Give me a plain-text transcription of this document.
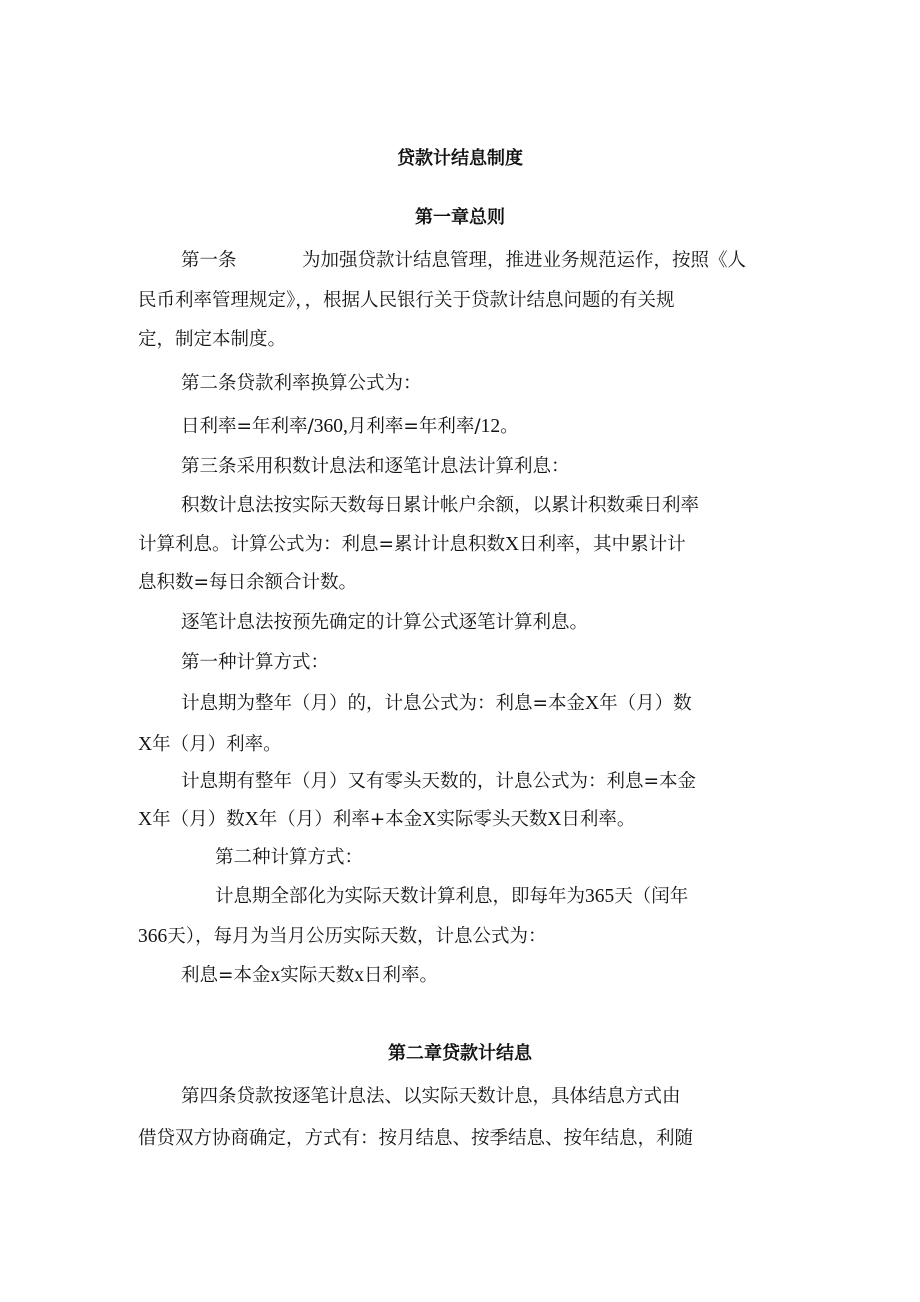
贷款计结息制度
第一章总则
第一条	为加强贷款计结息管理，推进业务规范运作，按照《人
民币利率管理规定》，，根据人民银行关于贷款计结息问题的有关规
定，制定本制度。
第二条贷款利率换算公式为：
日利率=年利率/360,月利率=年利率/12。
第三条采用积数计息法和逐笔计息法计算利息：
积数计息法按实际天数每日累计帐户余额，以累计积数乘日利率
计算利息。计算公式为：利息=累计计息积数X日利率，其中累计计
息积数=每日余额合计数。
逐笔计息法按预先确定的计算公式逐笔计算利息。
第一种计算方式：
计息期为整年（月）的，计息公式为：利息=本金X年（月）数
X年（月）利率。
计息期有整年（月）又有零头天数的，计息公式为：利息=本金
X年（月）数X年（月）利率+本金X实际零头天数X日利率。
第二种计算方式：
计息期全部化为实际天数计算利息，即每年为365天（闰年
366天），每月为当月公历实际天数，计息公式为：
利息=本金x实际天数x日利率。
第二章贷款计结息
第四条贷款按逐笔计息法、以实际天数计息，具体结息方式由
借贷双方协商确定，方式有：按月结息、按季结息、按年结息，利随
